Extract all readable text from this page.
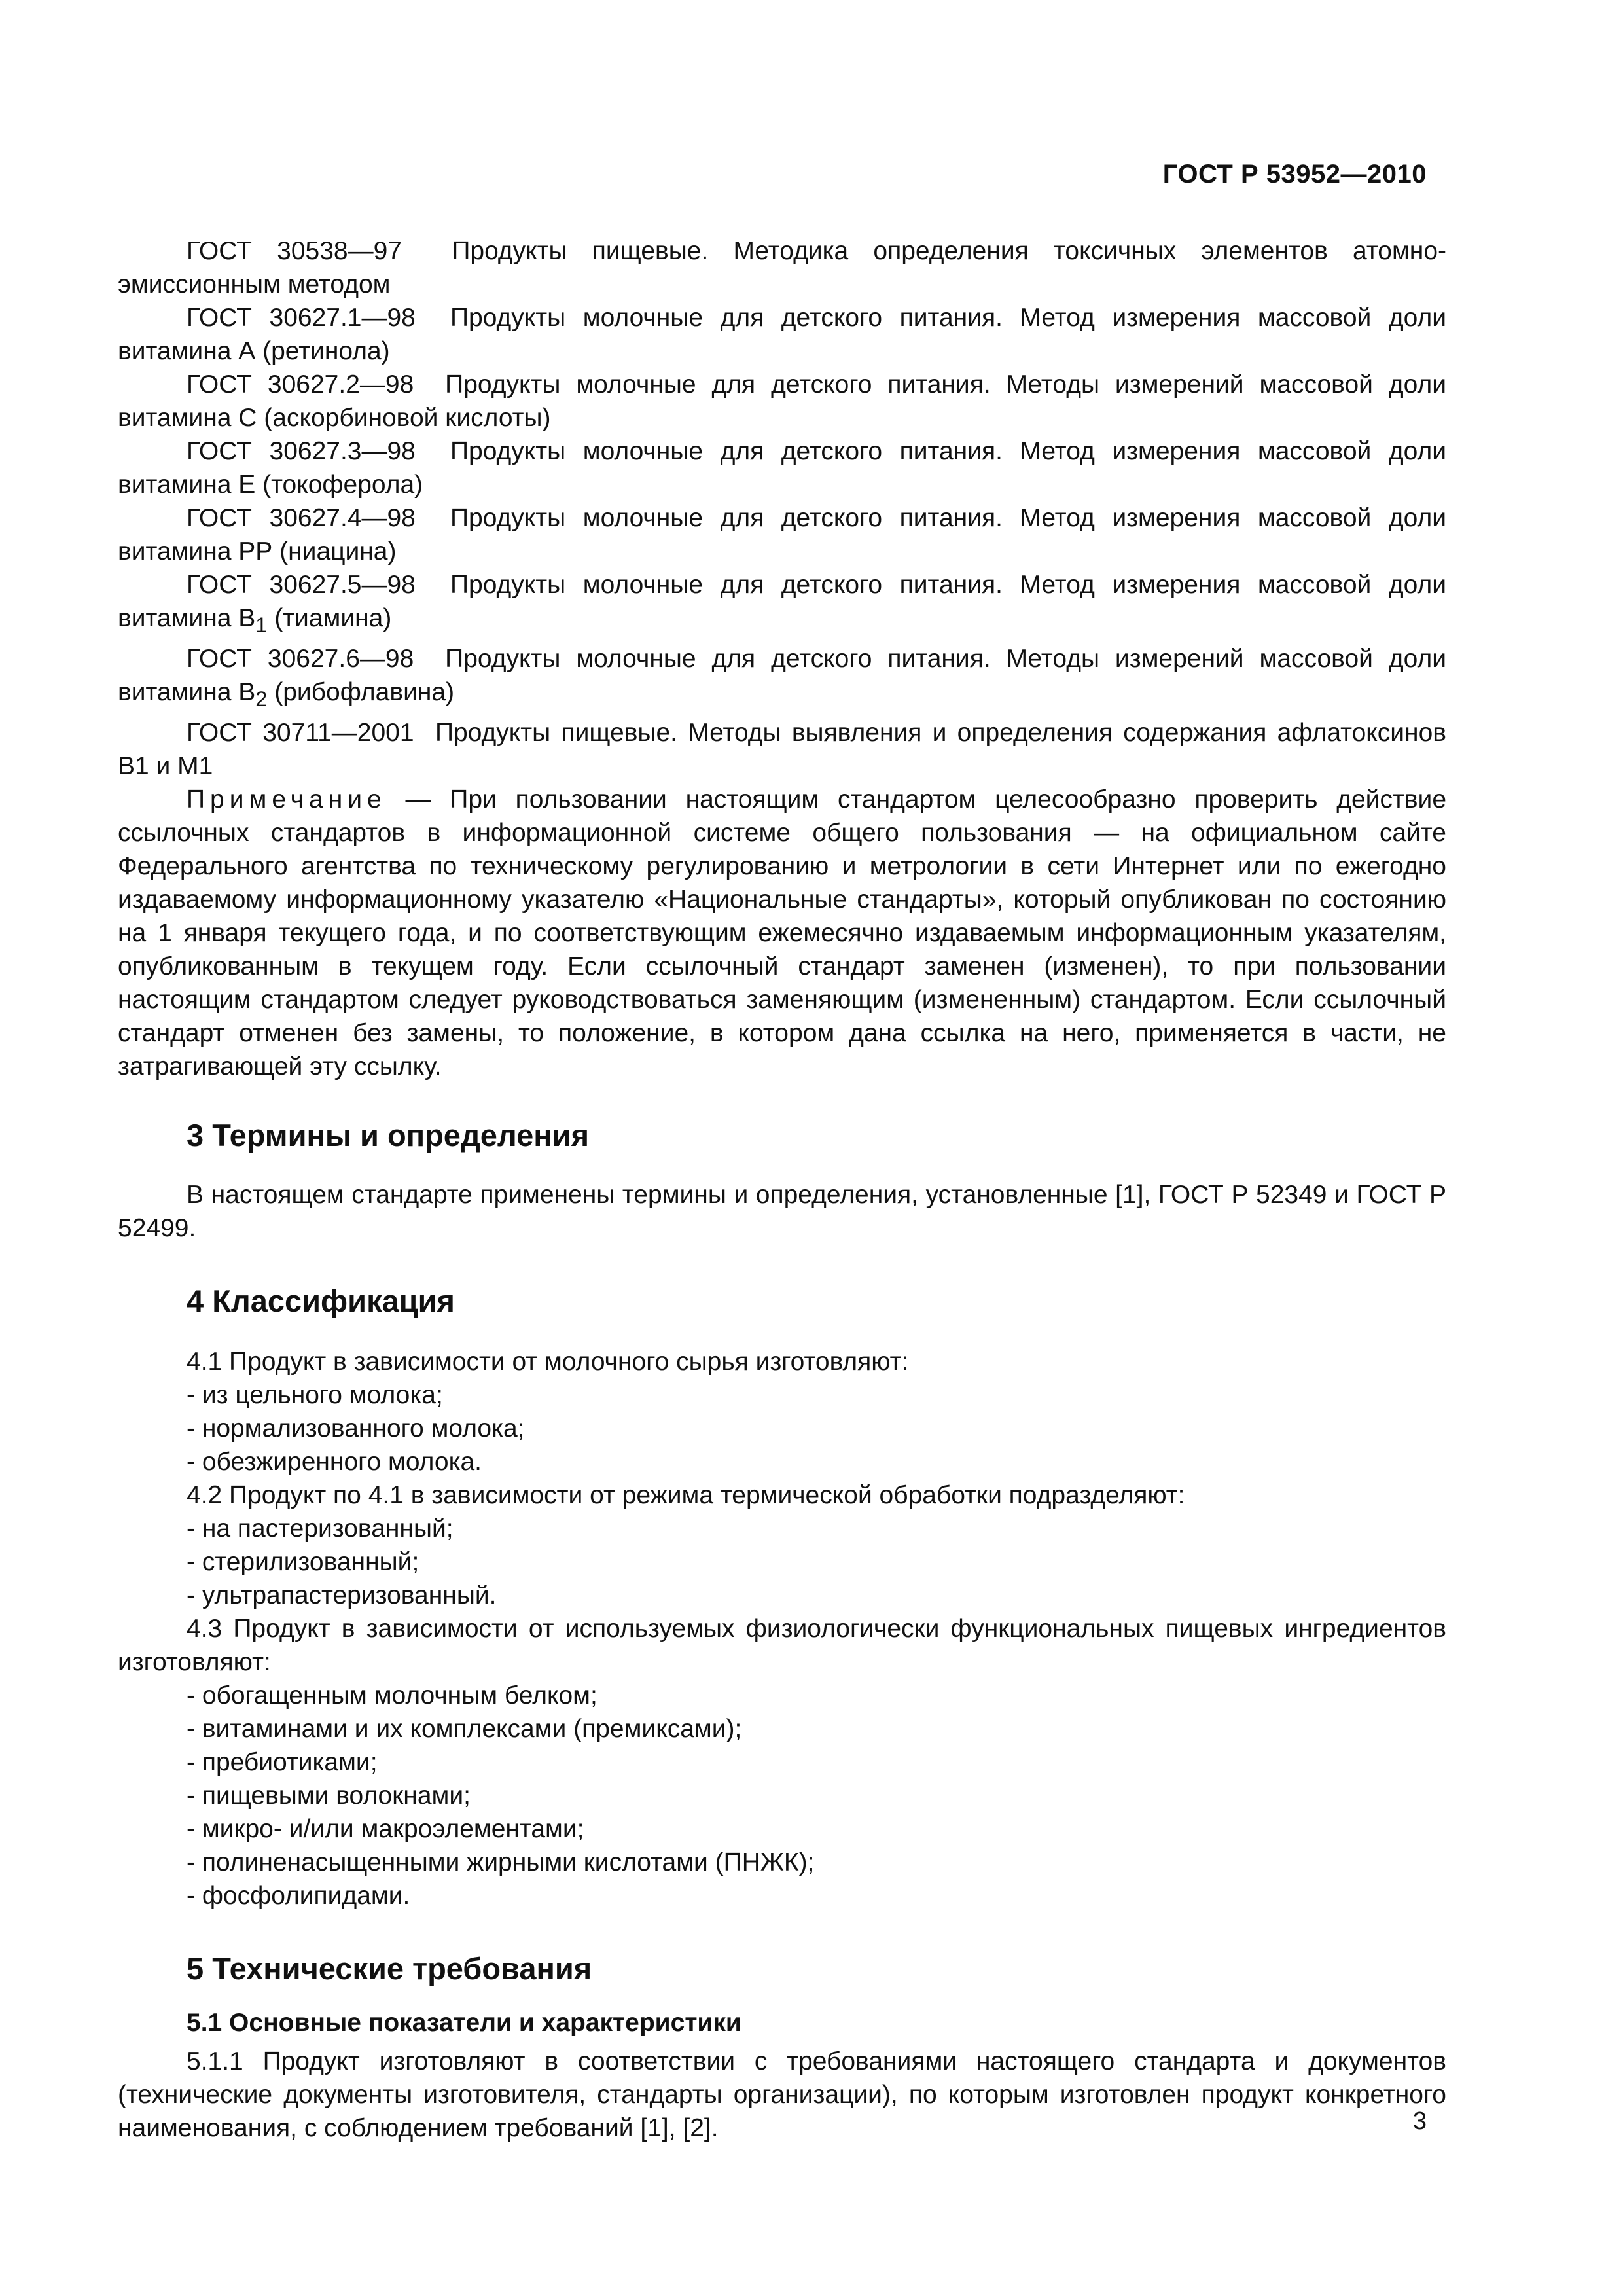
ГОСТ Р 53952—2010

ГОСТ 30538—97 Продукты пищевые. Методика определения токсичных элементов атомно-эмиссионным методом

ГОСТ 30627.1—98 Продукты молочные для детского питания. Метод измерения массовой доли витамина А (ретинола)

ГОСТ 30627.2—98 Продукты молочные для детского питания. Методы измерений массовой доли витамина С (аскорбиновой кислоты)

ГОСТ 30627.3—98 Продукты молочные для детского питания. Метод измерения массовой доли витамина Е (токоферола)

ГОСТ 30627.4—98 Продукты молочные для детского питания. Метод измерения массовой доли витамина РР (ниацина)

ГОСТ 30627.5—98 Продукты молочные для детского питания. Метод измерения массовой доли витамина $В_1$ (тиамина)

ГОСТ 30627.6—98 Продукты молочные для детского питания. Методы измерений массовой доли витамина $В_2$ (рибофлавина)

ГОСТ 30711—2001 Продукты пищевые. Методы выявления и определения содержания афлатоксинов В1 и М1

Примечание — При пользовании настоящим стандартом целесообразно проверить действие ссылочных стандартов в информационной системе общего пользования — на официальном сайте Федерального агентства по техническому регулированию и метрологии в сети Интернет или по ежегодно издаваемому информационному указателю «Национальные стандарты», который опубликован по состоянию на 1 января текущего года, и по соответствующим ежемесячно издаваемым информационным указателям, опубликованным в текущем году. Если ссылочный стандарт заменен (изменен), то при пользовании настоящим стандартом следует руководствоваться заменяющим (измененным) стандартом. Если ссылочный стандарт отменен без замены, то положение, в котором дана ссылка на него, применяется в части, не затрагивающей эту ссылку.

3 Термины и определения

В настоящем стандарте применены термины и определения, установленные [1], ГОСТ Р 52349 и ГОСТ Р 52499.

4 Классификация

4.1 Продукт в зависимости от молочного сырья изготовляют:

- из цельного молока;

- нормализованного молока;

- обезжиренного молока.

4.2 Продукт по 4.1 в зависимости от режима термической обработки подразделяют:

- на пастеризованный;

- стерилизованный;

- ультрапастеризованный.

4.3 Продукт в зависимости от используемых физиологически функциональных пищевых ингредиентов изготовляют:

- обогащенным молочным белком;

- витаминами и их комплексами (премиксами);

- пребиотиками;

- пищевыми волокнами;

- микро- и/или макроэлементами;

- полиненасыщенными жирными кислотами (ПНЖК);

- фосфолипидами.

5 Технические требования
5.1 Основные показатели и характеристики

5.1.1 Продукт изготовляют в соответствии с требованиями настоящего стандарта и документов (технические документы изготовителя, стандарты организации), по которым изготовлен продукт конкретного наименования, с соблюдением требований [1], [2].	3
